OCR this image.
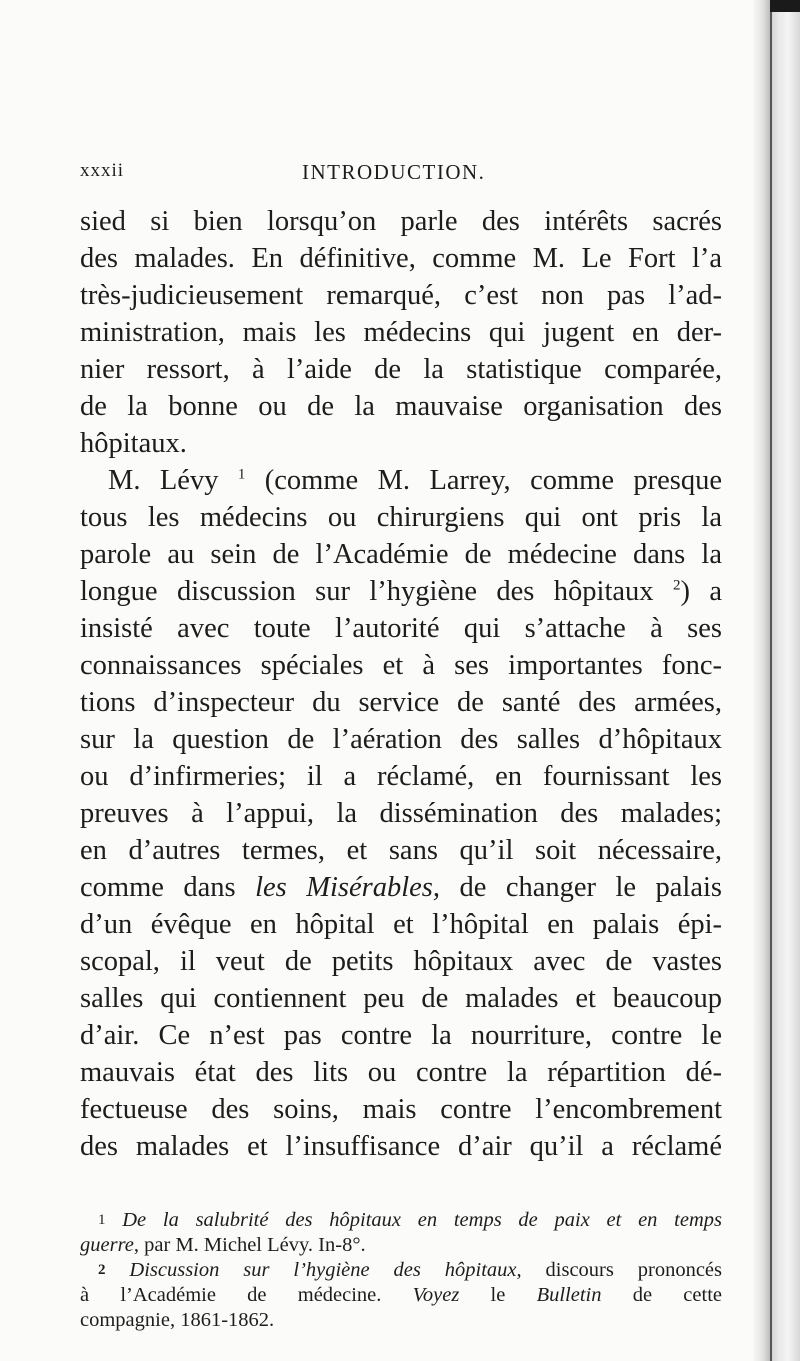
xxxii	INTRODUCTION.
sied si bien lorsqu’on parle des intérêts sacrés
des malades. En définitive, comme M. Le Fort l’a
très-judicieusement remarqué, c’est non pas l’ad-
ministration, mais les médecins qui jugent en der-
nier ressort, à l’aide de la statistique comparée,
de la bonne ou de la mauvaise organisation des
hôpitaux.
M. Lévy $^1$ (comme M. Larrey, comme presque
tous les médecins ou chirurgiens qui ont pris la
parole au sein de l’Académie de médecine dans la
longue discussion sur l’hygiène des hôpitaux $^2$) a
insisté avec toute l’autorité qui s’attache à ses
connaissances spéciales et à ses importantes fonc-
tions d’inspecteur du service de santé des armées,
sur la question de l’aération des salles d’hôpitaux
ou d’infirmeries; il a réclamé, en fournissant les
preuves à l’appui, la dissémination des malades;
en d’autres termes, et sans qu’il soit nécessaire,
comme dans les Misérables, de changer le palais
d’un évêque en hôpital et l’hôpital en palais épi-
scopal, il veut de petits hôpitaux avec de vastes
salles qui contiennent peu de malades et beaucoup
d’air. Ce n’est pas contre la nourriture, contre le
mauvais état des lits ou contre la répartition dé-
fectueuse des soins, mais contre l’encombrement
des malades et l’insuffisance d’air qu’il a réclamé
1 De la salubrité des hôpitaux en temps de paix et en temps
guerre, par M. Michel Lévy. In-8°.
2 Discussion sur l’hygiène des hôpitaux, discours prononcés
à l’Académie de médecine. Voyez le Bulletin de cette
compagnie, 1861-1862.
